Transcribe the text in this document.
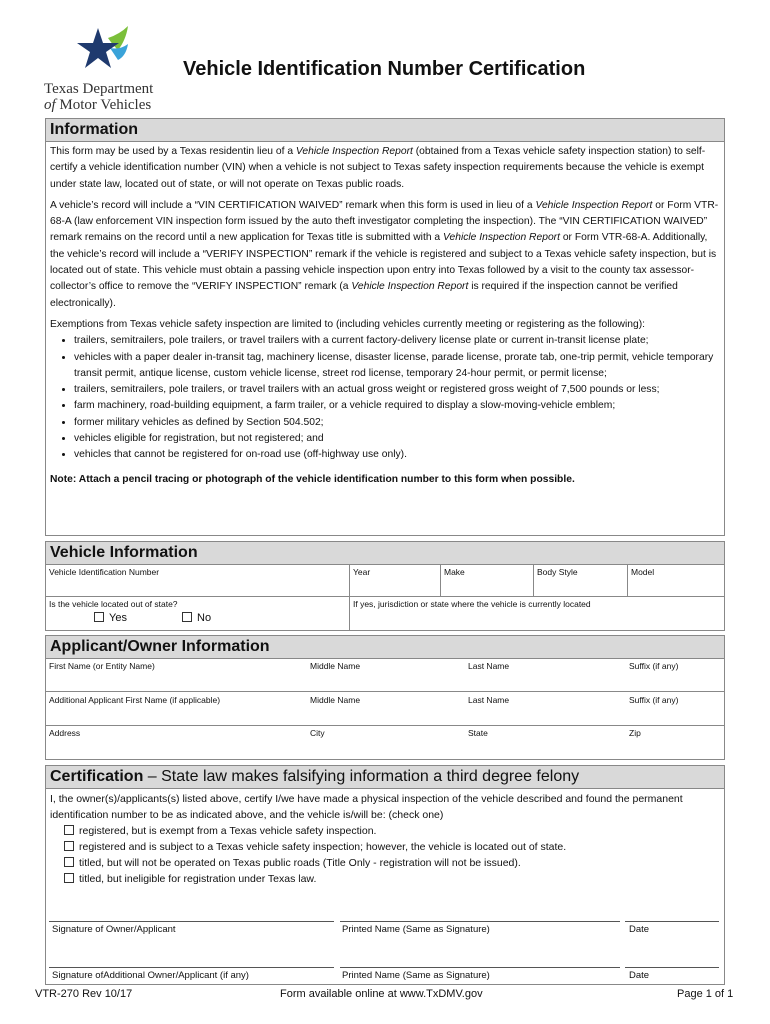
Texas Department
of Motor Vehicles
Vehicle Identification Number Certification
Information

This form may be used by a Texas residentin lieu of a Vehicle Inspection Report (obtained from a Texas vehicle safety inspection station) to self-certify a vehicle identification number (VIN) when a vehicle is not subject to Texas safety inspection requirements because the vehicle is exempt under state law, located out of state, or will not operate on Texas public roads.

A vehicle’s record will include a “VIN CERTIFICATION WAIVED” remark when this form is used in lieu of a Vehicle Inspection Report or Form VTR-68-A (law enforcement VIN inspection form issued by the auto theft investigator completing the inspection). The “VIN CERTIFICATION WAIVED” remark remains on the record until a new application for Texas title is submitted with a Vehicle Inspection Report or Form VTR-68-A. Additionally, the vehicle’s record will include a “VERIFY INSPECTION” remark if the vehicle is registered and subject to a Texas vehicle safety inspection, but is located out of state. This vehicle must obtain a passing vehicle inspection upon entry into Texas followed by a visit to the county tax assessor-collector’s office to remove the “VERIFY INSPECTION” remark (a Vehicle Inspection Report is required if the inspection cannot be verified electronically).

Exemptions from Texas vehicle safety inspection are limited to (including vehicles currently meeting or registering as the following):
• trailers, semitrailers, pole trailers, or travel trailers with a current factory-delivery license plate or current in-transit license plate;
• vehicles with a paper dealer in-transit tag, machinery license, disaster license, parade license, prorate tab, one-trip permit, vehicle temporary transit permit, antique license, custom vehicle license, street rod license, temporary 24-hour permit, or permit license;
• trailers, semitrailers, pole trailers, or travel trailers with an actual gross weight or registered gross weight of 7,500 pounds or less;
• farm machinery, road-building equipment, a farm trailer, or a vehicle required to display a slow-moving-vehicle emblem;
• former military vehicles as defined by Section 504.502;
• vehicles eligible for registration, but not registered; and
• vehicles that cannot be registered for on-road use (off-highway use only).
Note: Attach a pencil tracing or photograph of the vehicle identification number to this form when possible.
Vehicle Information
Vehicle Identification Number	Year	Make	Body Style	Model
Is the vehicle located out of state?
Yes	No
If yes, jurisdiction or state where the vehicle is currently located
Applicant/Owner Information
First Name (or Entity Name)	Middle Name	Last Name	Suffix (if any)
Additional Applicant First Name (if applicable)	Middle Name	Last Name	Suffix (if any)
Address	City	State	Zip
Certification – State law makes falsifying information a third degree felony
I, the owner(s)/applicants(s) listed above, certify I/we have made a physical inspection of the vehicle described and found the permanent identification number to be as indicated above, and the vehicle is/will be: (check one)
registered, but is exempt from a Texas vehicle safety inspection.
registered and is subject to a Texas vehicle safety inspection; however, the vehicle is located out of state.
titled, but will not be operated on Texas public roads (Title Only - registration will not be issued).
titled, but ineligible for registration under Texas law.
Signature of Owner/Applicant	Printed Name (Same as Signature)	Date
Signature ofAdditional Owner/Applicant (if any)	Printed Name (Same as Signature)	Date
VTR-270 Rev 10/17	Form available online at www.TxDMV.gov	Page 1 of 1
